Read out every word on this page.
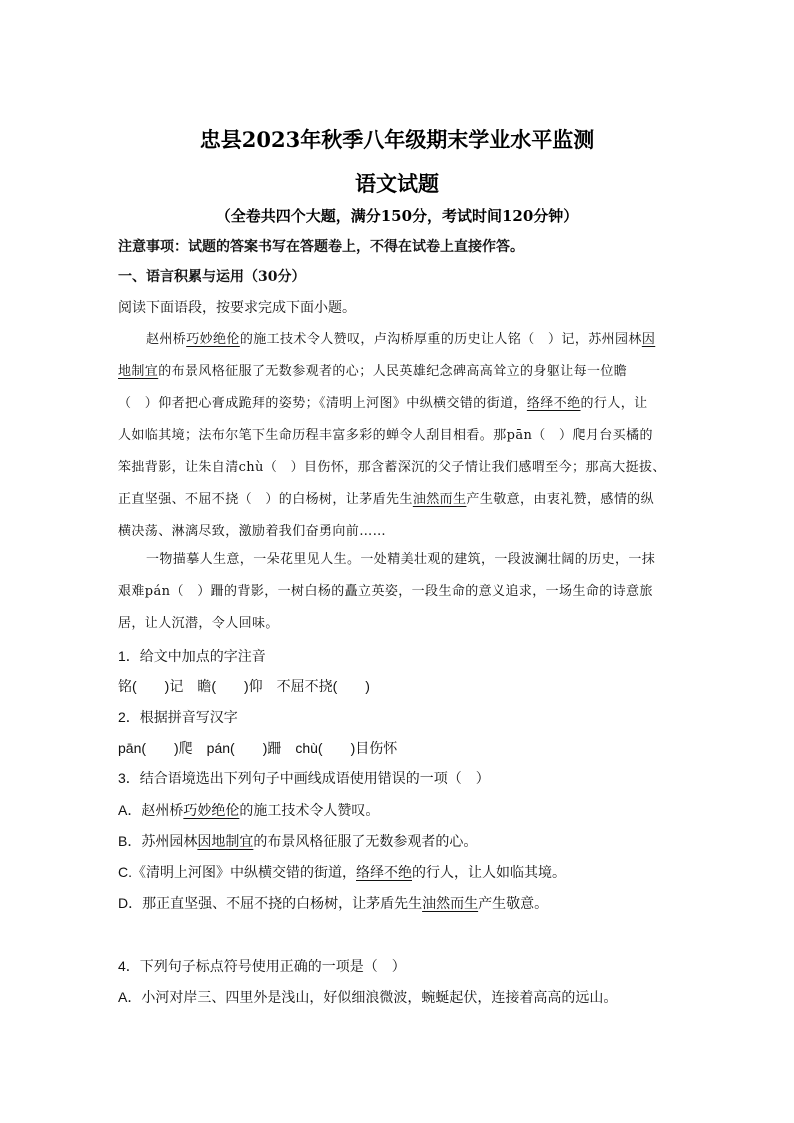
忠县2023年秋季八年级期末学业水平监测
语文试题
（全卷共四个大题，满分150分，考试时间120分钟）
注意事项：试题的答案书写在答题卷上，不得在试卷上直接作答。
一、语言积累与运用（30分）
阅读下面语段，按要求完成下面小题。
赵州桥巧妙绝伦的施工技术令人赞叹，卢沟桥厚重的历史让人铭（　）记，苏州园林因
地制宜的布景风格征服了无数参观者的心；人民英雄纪念碑高高耸立的身躯让每一位瞻
（　）仰者把心膏成跪拜的姿势；《清明上河图》中纵横交错的街道，络绎不绝的行人，让
人如临其境；法布尔笔下生命历程丰富多彩的蝉令人刮目相看。那pān（　）爬月台买橘的
笨拙背影，让朱自清chù（　）目伤怀，那含蓄深沉的父子情让我们感喟至今；那高大挺拔、
正直坚强、不屈不挠（　）的白杨树，让茅盾先生油然而生产生敬意，由衷礼赞，感情的纵
横决荡、淋漓尽致，激励着我们奋勇向前……
一物描摹人生意，一朵花里见人生。一处精美壮观的建筑，一段波澜壮阔的历史，一抹
艰难pán（　）跚的背影，一树白杨的矗立英姿，一段生命的意义追求，一场生命的诗意旅
居，让人沉潜，令人回味。
1．给文中加点的字注音
铭(　　)记　瞻(　　)仰　不屈不挠(　　)
2．根据拼音写汉字
pān(　　)爬　pán(　　)跚　chù(　　)目伤怀
3．结合语境选出下列句子中画线成语使用错误的一项（　）
A．赵州桥巧妙绝伦的施工技术令人赞叹。
B．苏州园林因地制宜的布景风格征服了无数参观者的心。
C.《清明上河图》中纵横交错的街道，络绎不绝的行人，让人如临其境。
D．那正直坚强、不屈不挠的白杨树，让茅盾先生油然而生产生敬意。
4．下列句子标点符号使用正确的一项是（　）
A．小河对岸三、四里外是浅山，好似细浪微波，蜿蜒起伏，连接着高高的远山。
